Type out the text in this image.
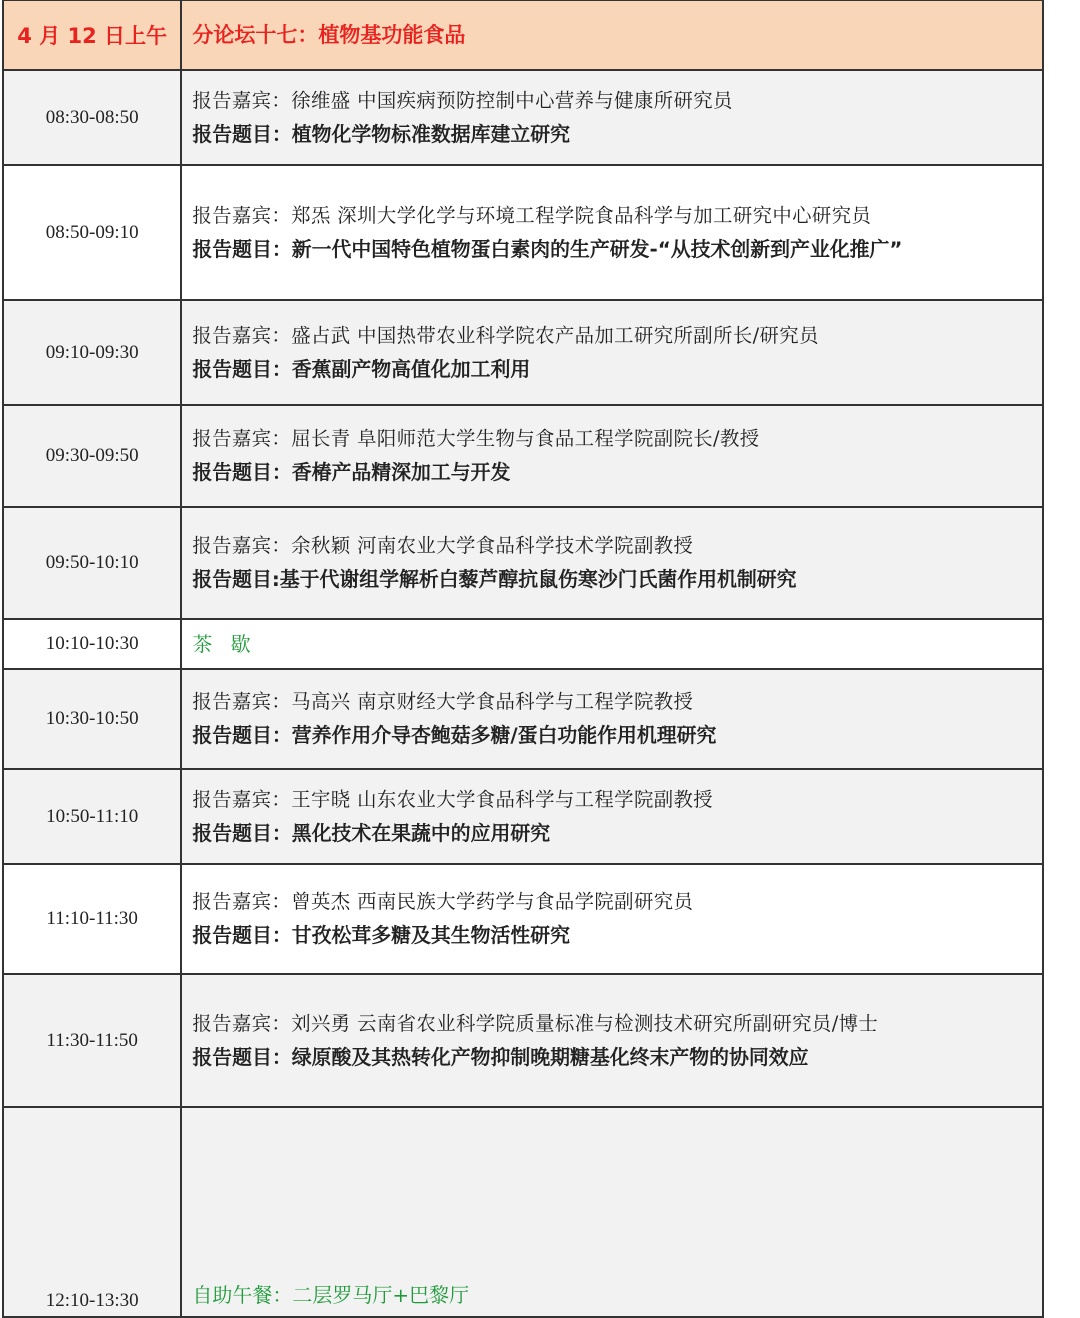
4 月 12 日上午	分论坛十七：植物基功能食品
08:30-08:50	报告嘉宾：徐维盛 中国疾病预防控制中心营养与健康所研究员
报告题目：植物化学物标准数据库建立研究

08:50-09:10	报告嘉宾：郑炁 深圳大学化学与环境工程学院食品科学与加工研究中心研究员
报告题目：新一代中国特色植物蛋白素肉的生产研发-“从技术创新到产业化推广”

09:10-09:30	报告嘉宾：盛占武 中国热带农业科学院农产品加工研究所副所长/研究员
报告题目：香蕉副产物高值化加工利用

09:30-09:50	报告嘉宾：屈长青 阜阳师范大学生物与食品工程学院副院长/教授
报告题目：香椿产品精深加工与开发

09:50-10:10	报告嘉宾：余秋颖 河南农业大学食品科学技术学院副教授
报告题目:基于代谢组学解析白藜芦醇抗鼠伤寒沙门氏菌作用机制研究

10:10-10:30	茶 歇
10:30-10:50	报告嘉宾：马高兴 南京财经大学食品科学与工程学院教授
报告题目：营养作用介导杏鲍菇多糖/蛋白功能作用机理研究

10:50-11:10	报告嘉宾：王宇晓 山东农业大学食品科学与工程学院副教授
报告题目：黑化技术在果蔬中的应用研究

11:10-11:30	报告嘉宾：曾英杰 西南民族大学药学与食品学院副研究员
报告题目：甘孜松茸多糖及其生物活性研究

11:30-11:50	报告嘉宾：刘兴勇 云南省农业科学院质量标准与检测技术研究所副研究员/博士
报告题目：绿原酸及其热转化产物抑制晚期糖基化终末产物的协同效应

12:10-13:30	自助午餐：二层罗马厅+巴黎厅
